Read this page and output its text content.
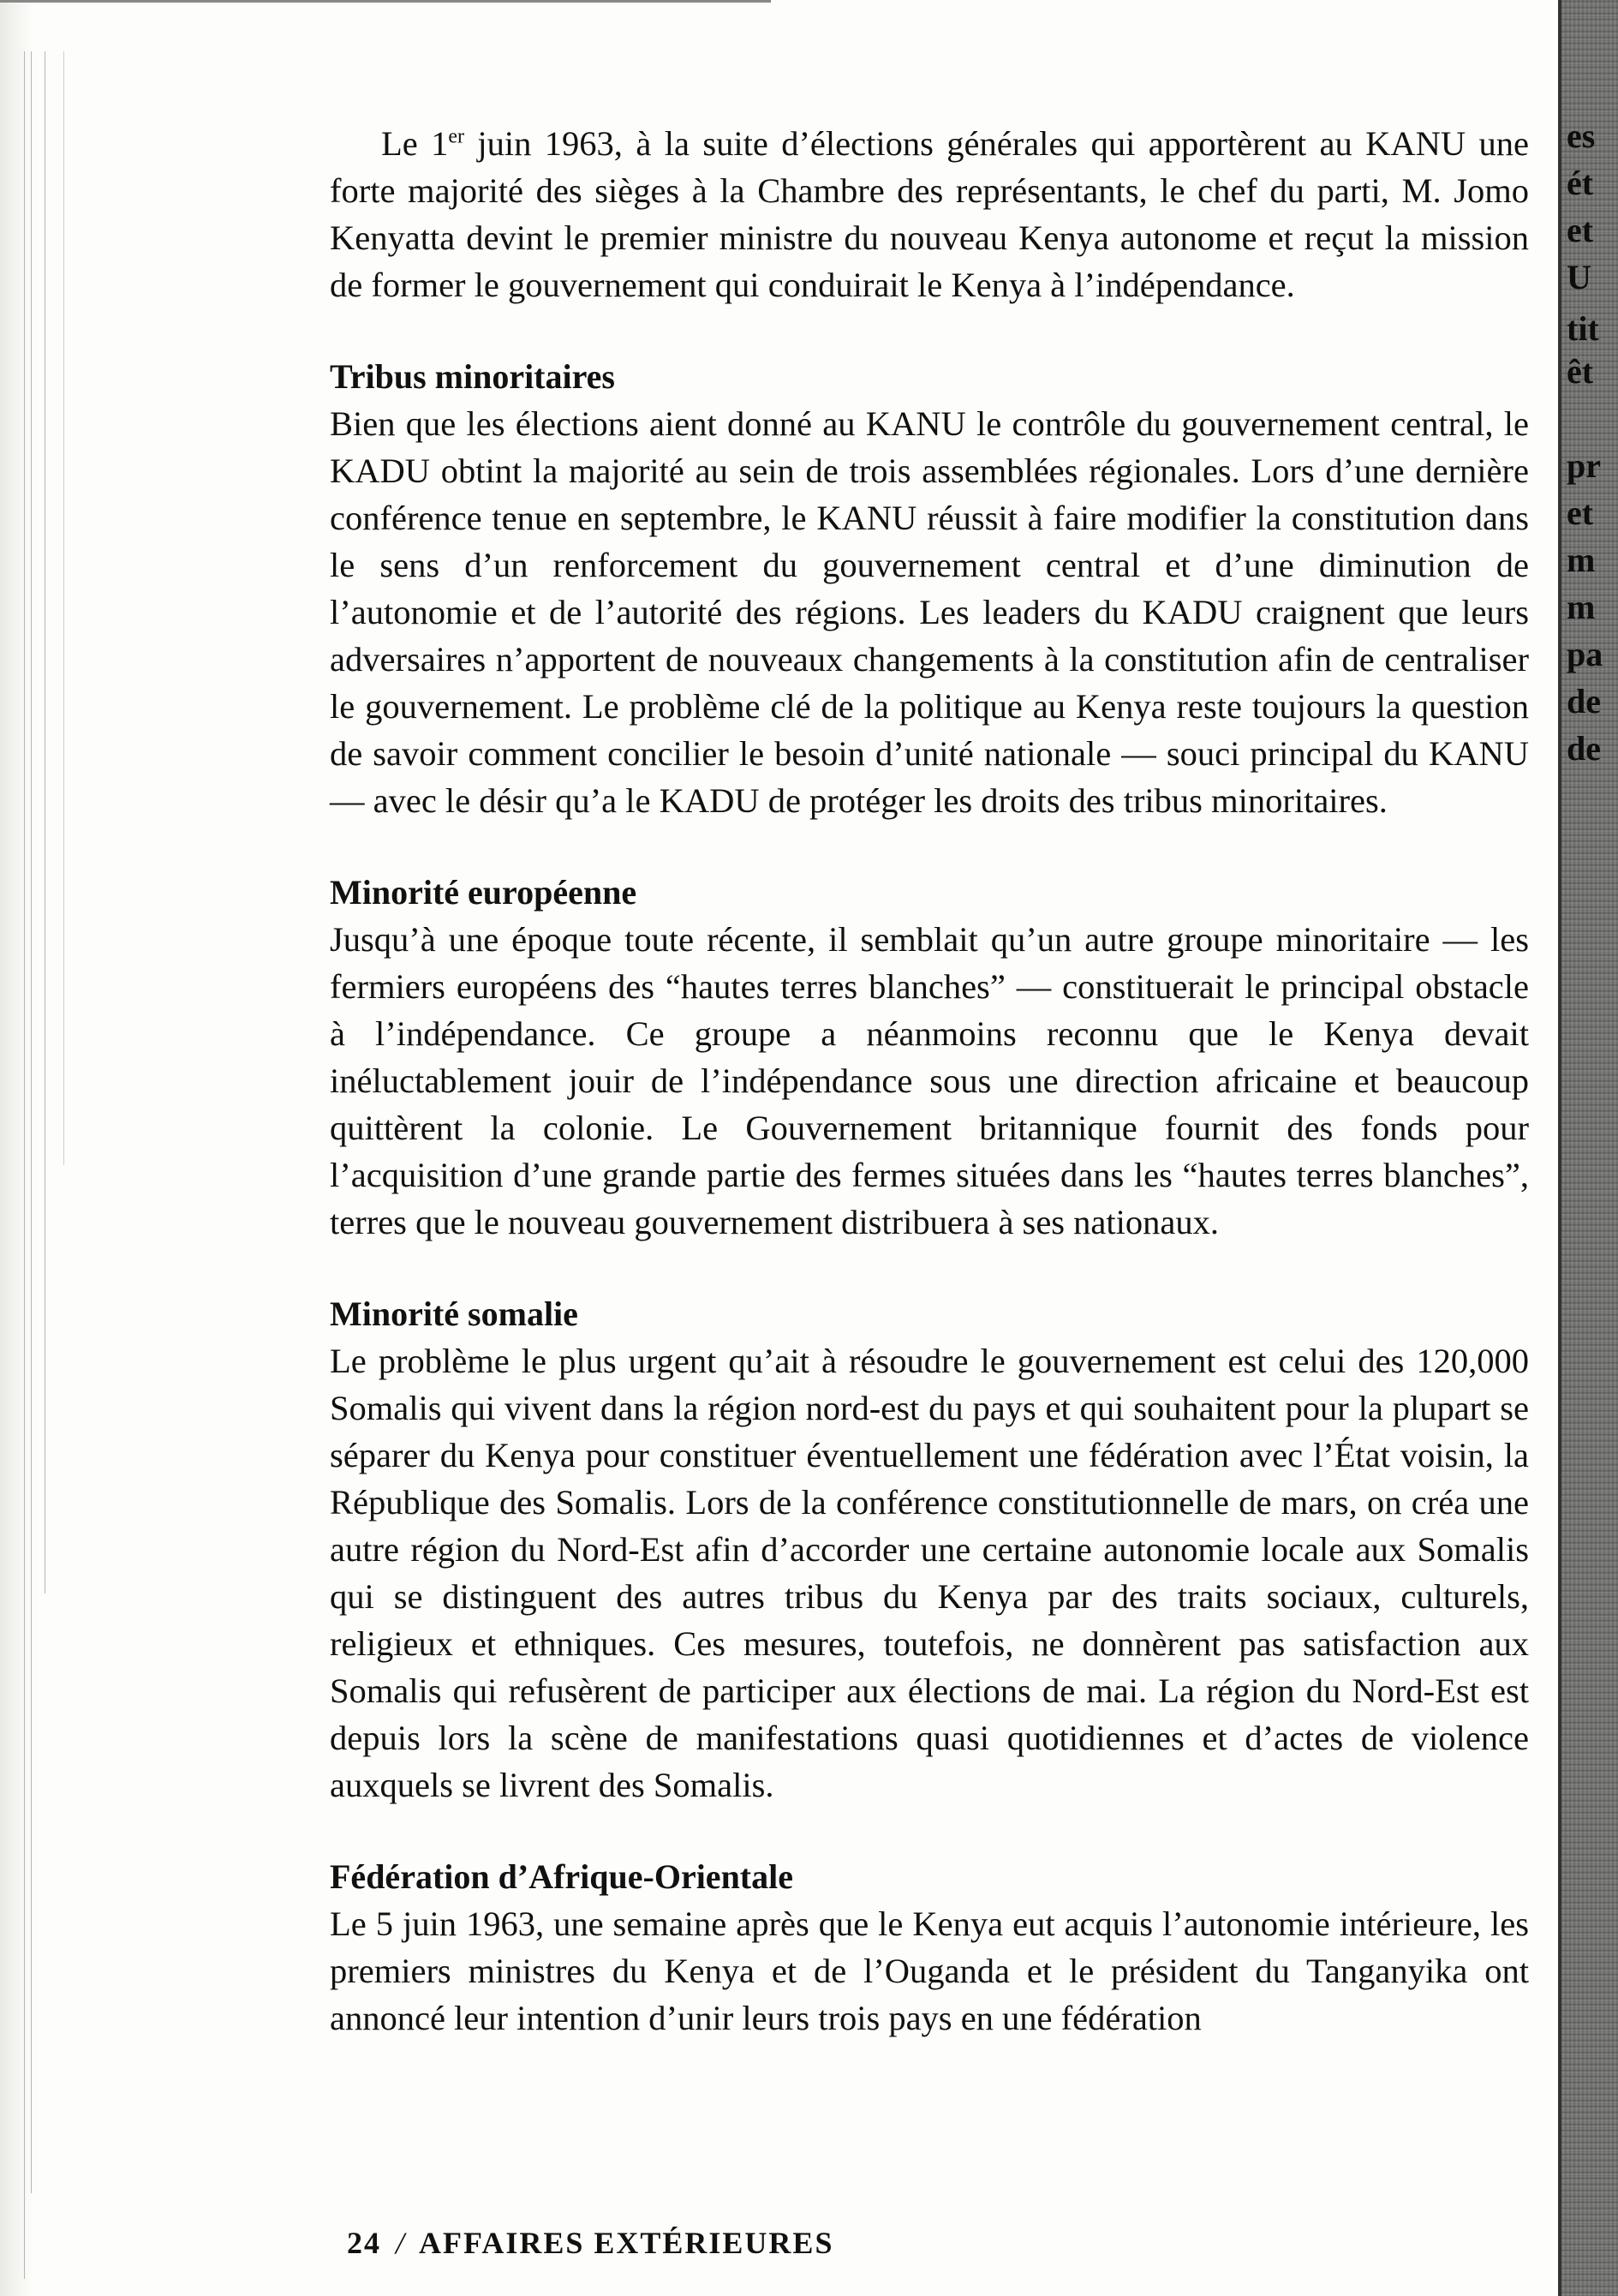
es
ét
et
U
tit
êt
pr
et
m
m
pa
de
de

Le 1er juin 1963, à la suite d’élections générales qui apportèrent au KANU une forte majorité des sièges à la Chambre des représentants, le chef du parti, M. Jomo Kenyatta devint le premier ministre du nouveau Kenya autonome et reçut la mission de former le gouvernement qui conduirait le Kenya à l’indépendance.

Tribus minoritaires

Bien que les élections aient donné au KANU le contrôle du gouvernement central, le KADU obtint la majorité au sein de trois assemblées régionales. Lors d’une dernière conférence tenue en septembre, le KANU réussit à faire modifier la constitution dans le sens d’un renforcement du gouvernement central et d’une diminution de l’autonomie et de l’autorité des régions. Les leaders du KADU craignent que leurs adversaires n’apportent de nouveaux changements à la constitution afin de centraliser le gouvernement. Le problème clé de la politique au Kenya reste toujours la question de savoir comment concilier le besoin d’unité nationale — souci principal du KANU — avec le désir qu’a le KADU de protéger les droits des tribus minoritaires.

Minorité européenne

Jusqu’à une époque toute récente, il semblait qu’un autre groupe minoritaire — les fermiers européens des “hautes terres blanches” — constituerait le principal obstacle à l’indépendance. Ce groupe a néanmoins reconnu que le Kenya devait inéluctablement jouir de l’indépendance sous une direction africaine et beaucoup quittèrent la colonie. Le Gouvernement britannique fournit des fonds pour l’acquisition d’une grande partie des fermes situées dans les “hautes terres blanches”, terres que le nouveau gouvernement distribuera à ses nationaux.

Minorité somalie

Le problème le plus urgent qu’ait à résoudre le gouvernement est celui des 120,000 Somalis qui vivent dans la région nord-est du pays et qui souhaitent pour la plupart se séparer du Kenya pour constituer éventuellement une fédération avec l’État voisin, la République des Somalis. Lors de la conférence constitutionnelle de mars, on créa une autre région du Nord-Est afin d’accorder une certaine autonomie locale aux Somalis qui se distinguent des autres tribus du Kenya par des traits sociaux, culturels, religieux et ethniques. Ces mesures, toutefois, ne donnèrent pas satisfaction aux Somalis qui refusèrent de participer aux élections de mai. La région du Nord-Est est depuis lors la scène de manifestations quasi quotidiennes et d’actes de violence auxquels se livrent des Somalis.

Fédération d’Afrique-Orientale

Le 5 juin 1963, une semaine après que le Kenya eut acquis l’autonomie intérieure, les premiers ministres du Kenya et de l’Ouganda et le président du Tanganyika ont annoncé leur intention d’unir leurs trois pays en une fédération

24 / AFFAIRES EXTÉRIEURES
